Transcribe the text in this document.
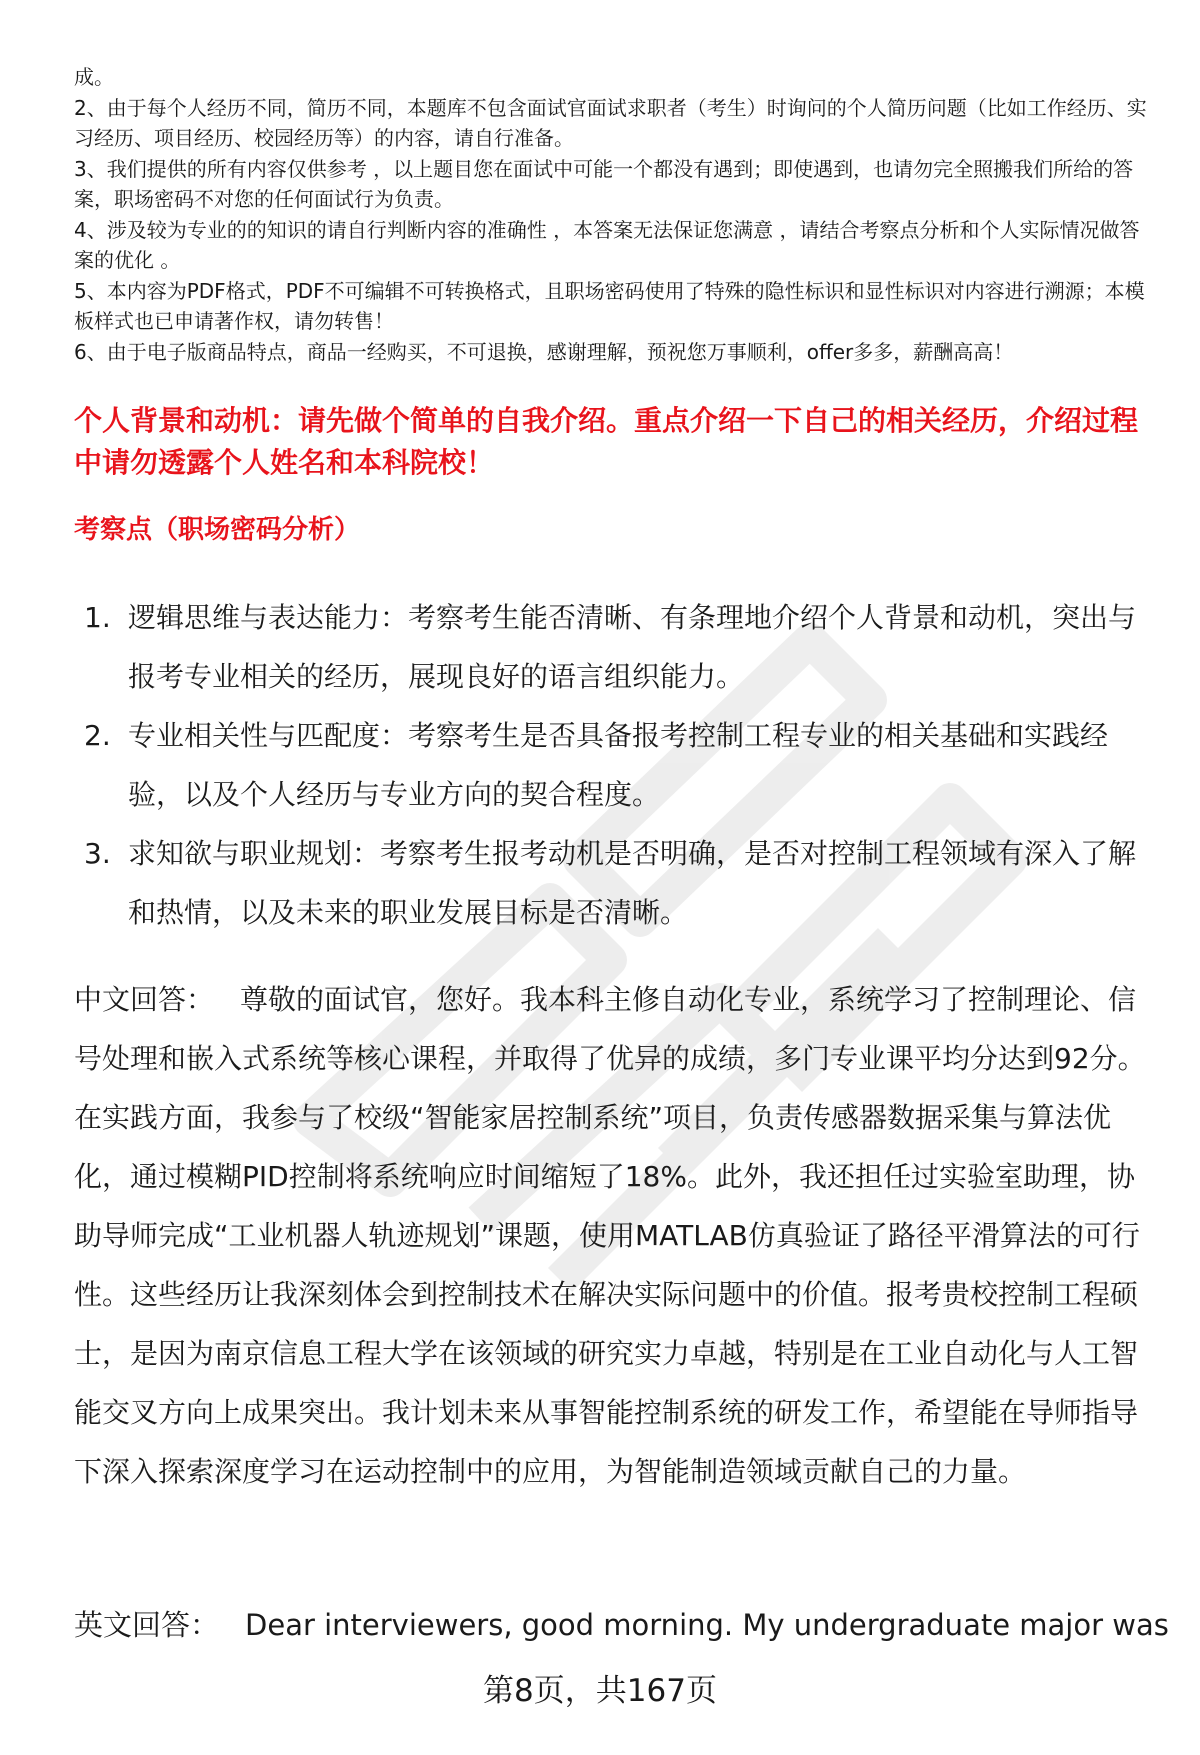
成。

2、由于每个人经历不同，简历不同，本题库不包含面试官面试求职者（考生）时询问的个人简历问题（比如工作经历、实习经历、项目经历、校园经历等）的内容，请自行准备。

3、我们提供的所有内容仅供参考 ，以上题目您在面试中可能一个都没有遇到；即使遇到，也请勿完全照搬我们所给的答案，职场密码不对您的任何面试行为负责。

4、涉及较为专业的的知识的请自行判断内容的准确性 ，本答案无法保证您满意 ，请结合考察点分析和个人实际情况做答案的优化 。

5、本内容为PDF格式，PDF不可编辑不可转换格式，且职场密码使用了特殊的隐性标识和显性标识对内容进行溯源；本模板样式也已申请著作权，请勿转售！

6、由于电子版商品特点，商品一经购买，不可退换，感谢理解，预祝您万事顺利，offer多多，薪酬高高！

个人背景和动机：请先做个简单的自我介绍。重点介绍一下自己的相关经历，介绍过程中请勿透露个人姓名和本科院校！
考察点（职场密码分析）
1. 逻辑思维与表达能力：考察考生能否清晰、有条理地介绍个人背景和动机，突出与报考专业相关的经历，展现良好的语言组织能力。
2. 专业相关性与匹配度：考察考生是否具备报考控制工程专业的相关基础和实践经验，以及个人经历与专业方向的契合程度。
3. 求知欲与职业规划：考察考生报考动机是否明确，是否对控制工程领域有深入了解和热情，以及未来的职业发展目标是否清晰。
中文回答： 尊敬的面试官，您好。我本科主修自动化专业，系统学习了控制理论、信号处理和嵌入式系统等核心课程，并取得了优异的成绩，多门专业课平均分达到92分。在实践方面，我参与了校级“智能家居控制系统”项目，负责传感器数据采集与算法优化，通过模糊PID控制将系统响应时间缩短了18%。此外，我还担任过实验室助理，协助导师完成“工业机器人轨迹规划”课题，使用MATLAB仿真验证了路径平滑算法的可行性。这些经历让我深刻体会到控制技术在解决实际问题中的价值。报考贵校控制工程硕士，是因为南京信息工程大学在该领域的研究实力卓越，特别是在工业自动化与人工智能交叉方向上成果突出。我计划未来从事智能控制系统的研发工作，希望能在导师指导下深入探索深度学习在运动控制中的应用，为智能制造领域贡献自己的力量。
英文回答： Dear interviewers, good morning. My undergraduate major was
第8页，共167页
